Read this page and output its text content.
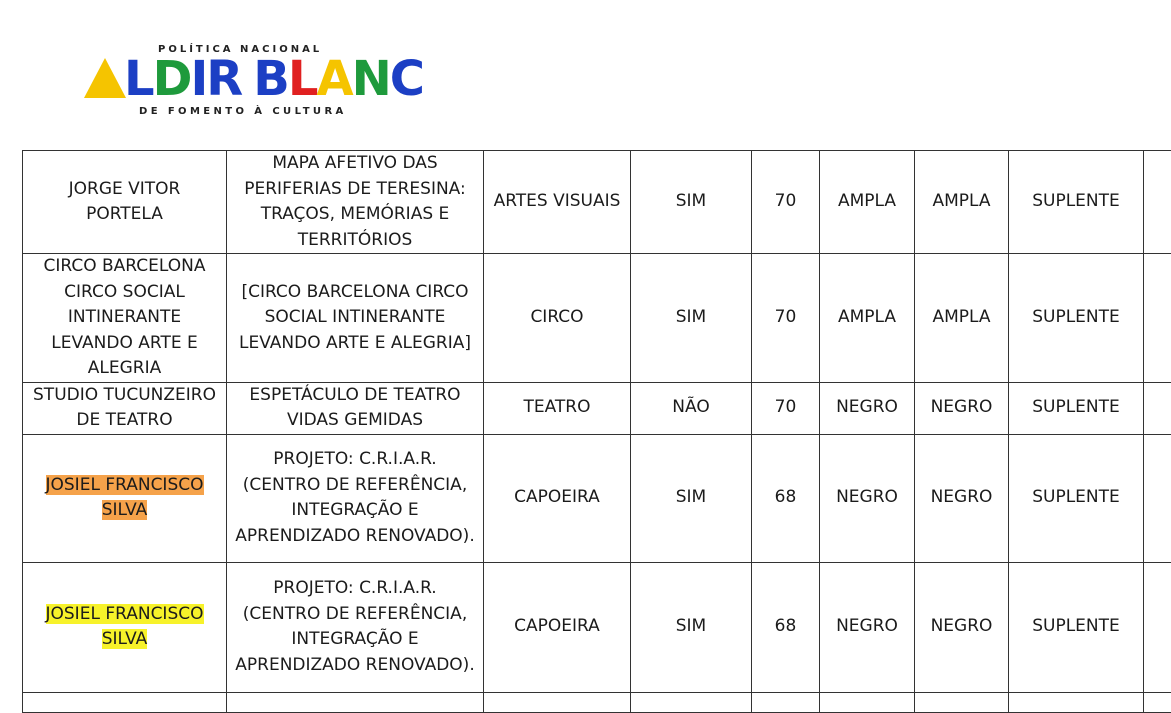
POLÍTICA NACIONAL
L D IR B L A N C
DE FOMENTO À CULTURA
JORGE VITOR PORTELA	MAPA AFETIVO DAS PERIFERIAS DE TERESINA: TRAÇOS, MEMÓRIAS E TERRITÓRIOS	ARTES VISUAIS	SIM	70	AMPLA	AMPLA	SUPLENTE	
CIRCO BARCELONA CIRCO SOCIAL INTINERANTE LEVANDO ARTE E ALEGRIA	[CIRCO BARCELONA CIRCO SOCIAL INTINERANTE LEVANDO ARTE E ALEGRIA]	CIRCO	SIM	70	AMPLA	AMPLA	SUPLENTE	
STUDIO TUCUNZEIRO DE TEATRO	ESPETÁCULO DE TEATRO VIDAS GEMIDAS	TEATRO	NÃO	70	NEGRO	NEGRO	SUPLENTE	
JOSIEL FRANCISCO SILVA	PROJETO: C.R.I.A.R. (CENTRO DE REFERÊNCIA, INTEGRAÇÃO E APRENDIZADO RENOVADO).	CAPOEIRA	SIM	68	NEGRO	NEGRO	SUPLENTE	
JOSIEL FRANCISCO SILVA	PROJETO: C.R.I.A.R. (CENTRO DE REFERÊNCIA, INTEGRAÇÃO E APRENDIZADO RENOVADO).	CAPOEIRA	SIM	68	NEGRO	NEGRO	SUPLENTE	
